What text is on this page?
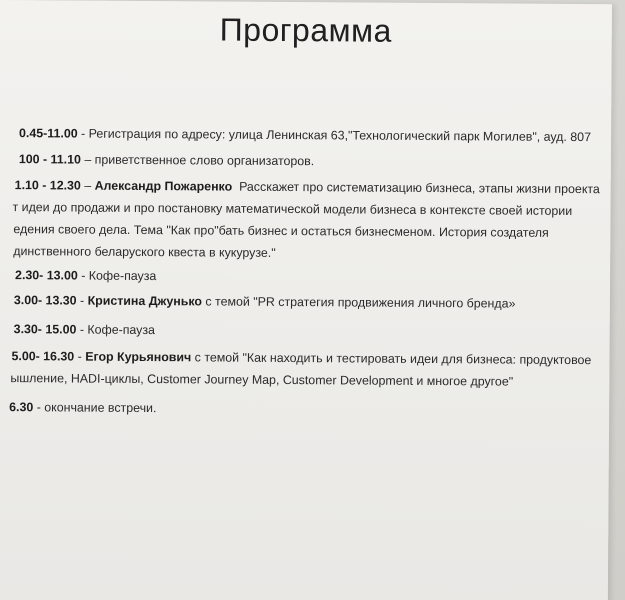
Программа
0.45-11.00 - Регистрация по адресу: улица Ленинская 63,"Технологический парк Могилев", ауд. 807
100 - 11.10 – приветственное слово организаторов.
1.10 - 12.30 – Александр Пожаренко Расскажет про систематизацию бизнеса, этапы жизни проекта
т идеи до продажи и про постановку математической модели бизнеса в контексте своей истории
едения своего дела. Тема "Как про"бать бизнес и остаться бизнесменом. История создателя
динственного беларуского квеста в кукурузе."
2.30- 13.00 - Кофе-пауза
3.00- 13.30 - Кристина Джунько с темой "PR стратегия продвижения личного бренда»
3.30- 15.00 - Кофе-пауза
5.00- 16.30 - Егор Курьянович с темой "Как находить и тестировать идеи для бизнеса: продуктовое
ышление, HADI-циклы, Customer Journey Map, Customer Development и многое другое"
6.30 - окончание встречи.
